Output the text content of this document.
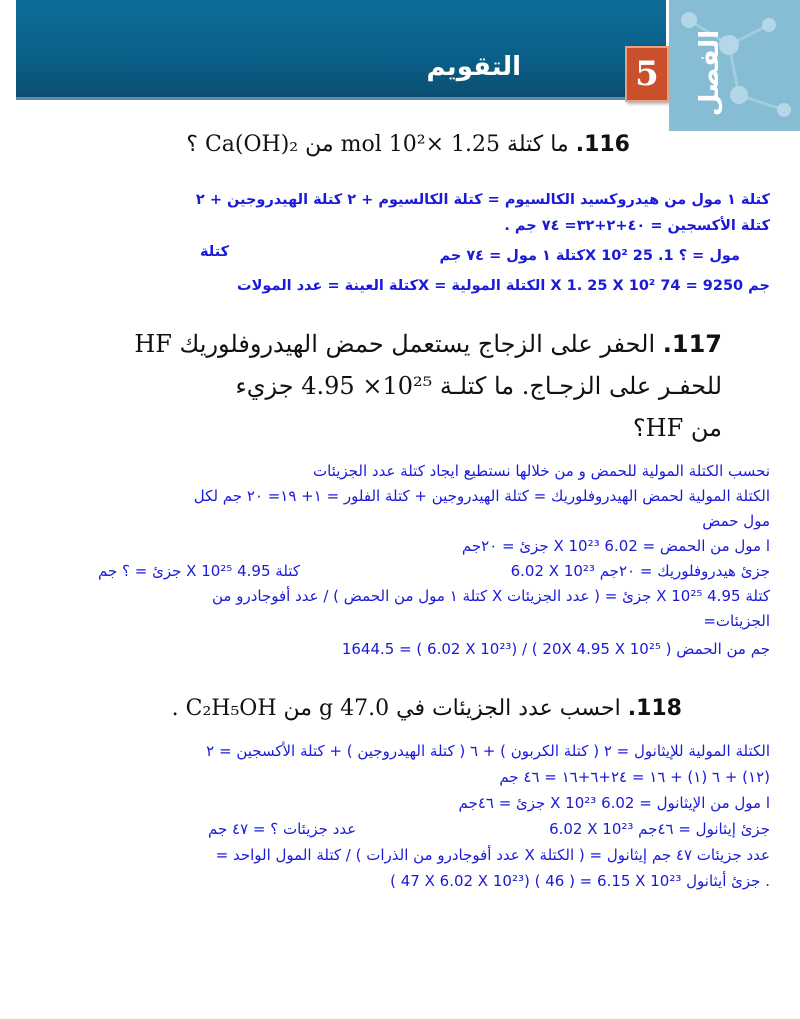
التقويم	5 الفصل
116. ما كتلة 1.25 ×10² mol من Ca(OH)₂ ؟
كتلة ١ مول من هيدروكسيد الكالسيوم = كتلة الكالسيوم + ٢ كتلة الهيدروجين + ٢
كتلة الأكسجين = ٤٠+٢+٣٢= ٧٤ جم .
مول = ؟ 1. 25 X 10²كتلة ١ مول = ٧٤ جم
كتلة
جم 9250 = 74 X 1. 25 X 10² الكتلة المولية = Xكتلة العينة = عدد المولات
117. الحفر على الزجاج يستعمل حمض الهيدروفلوريك HF
للحفـر على الزجـاج. ما كتلـة 10²⁵× 4.95 جزيء
من HF؟
نحسب الكتلة المولية للحمض و من خلالها نستطيع ايجاد كتلة عدد الجزيئات
الكتلة المولية لحمض الهيدروفلوريك = كتلة الهيدروجين + كتلة الفلور = ١+ ١٩= ٢٠ جم لكل
مول حمض
ا مول من الحمض = 6.02 X 10²³ جزئ = ٢٠جم
6.02 X 10²³ جزئ هيدروفلوريك = ٢٠جم
كتلة 4.95 X 10²⁵ جزئ = ؟ جم
كتلة 4.95 X 10²⁵ جزئ = ( عدد الجزيئات X كتلة ١ مول من الحمض ) / عدد أفوجادرو من
الجزيئات=
1644.5 = ( 6.02 X 10²³) / ( 20X 4.95 X 10²⁵ ) جم من الحمض
118. احسب عدد الجزيئات في 47.0 g من C₂H₅OH .
الكتلة المولية للإيثانول = ٢ ( كتلة الكربون ) + ٦ ( كتلة الهيدروجين ) + كتلة الأكسجين = ٢
(١٢) + ٦ (١) + ١٦ = ٢٤+٦+١٦ = ٤٦ جم
ا مول من الإيثانول = 6.02 X 10²³ جزئ = ٤٦جم
6.02 X 10²³ جزئ إيثانول = ٤٦جم
عدد جزيئات ؟ = ٤٧ جم
عدد جزيئات ٤٧ جم إيثانول = ( الكتلة X عدد أفوجادرو من الذرات ) / كتلة المول الواحد =
( 47 X 6.02 X 10²³) ( 46 ) = 6.15 X 10²³ جزئ أيثانول .
